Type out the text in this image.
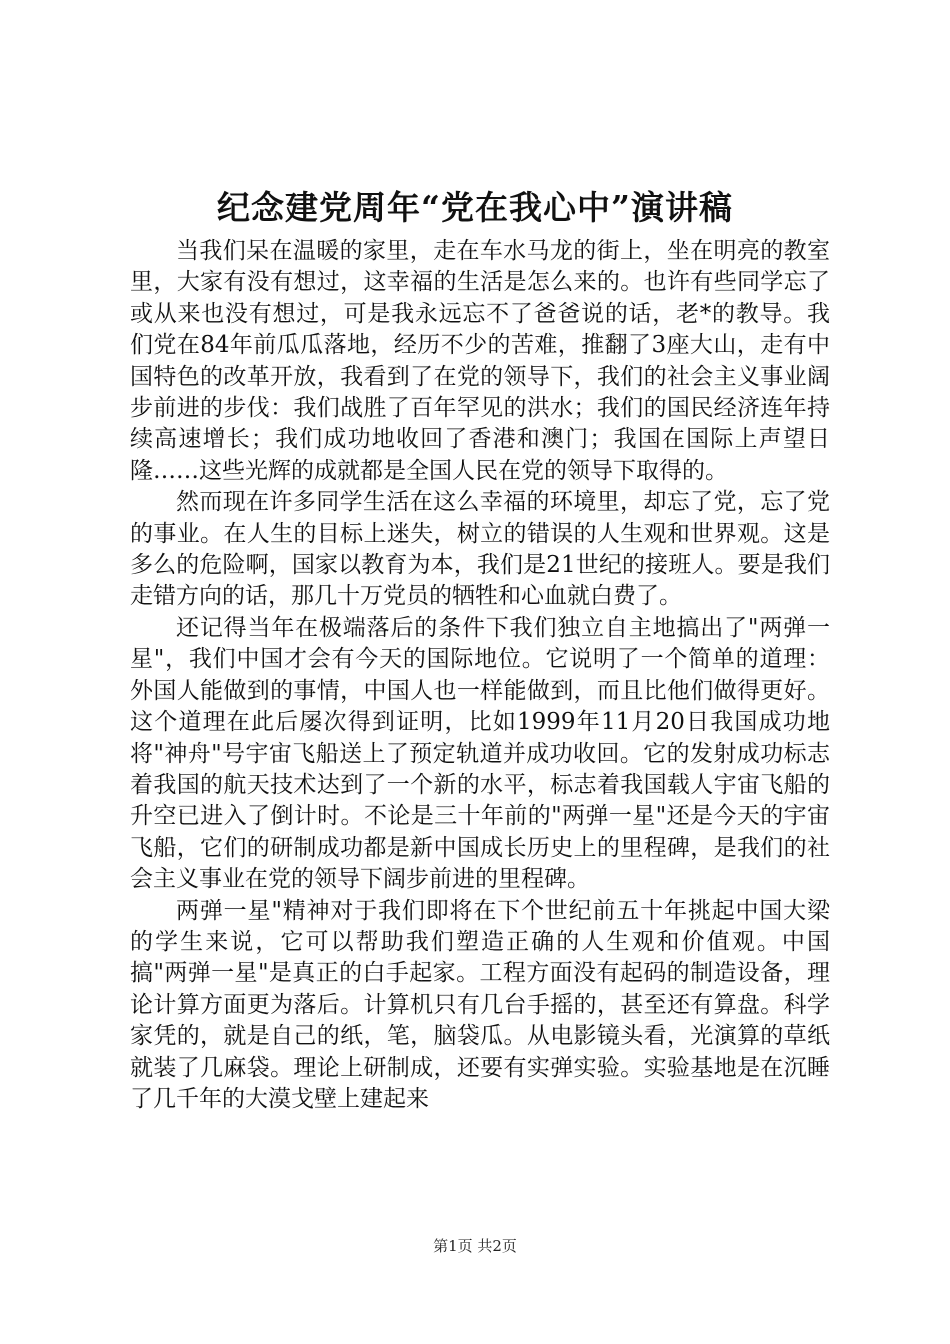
纪念建党周年“党在我心中”演讲稿

当我们呆在温暖的家里，走在车水马龙的街上，坐在明亮的教室里，大家有没有想过，这幸福的生活是怎么来的。也许有些同学忘了或从来也没有想过，可是我永远忘不了爸爸说的话，老*的教导。我们党在84年前瓜瓜落地，经历不少的苦难，推翻了3座大山，走有中国特色的改革开放，我看到了在党的领导下，我们的社会主义事业阔步前进的步伐：我们战胜了百年罕见的洪水；我们的国民经济连年持续高速增长；我们成功地收回了香港和澳门；我国在国际上声望日隆……这些光辉的成就都是全国人民在党的领导下取得的。

然而现在许多同学生活在这么幸福的环境里，却忘了党，忘了党的事业。在人生的目标上迷失，树立的错误的人生观和世界观。这是多么的危险啊，国家以教育为本，我们是21世纪的接班人。要是我们走错方向的话，那几十万党员的牺牲和心血就白费了。

还记得当年在极端落后的条件下我们独立自主地搞出了"两弹一星"，我们中国才会有今天的国际地位。它说明了一个简单的道理：外国人能做到的事情，中国人也一样能做到，而且比他们做得更好。这个道理在此后屡次得到证明，比如1999年11月20日我国成功地将"神舟"号宇宙飞船送上了预定轨道并成功收回。它的发射成功标志着我国的航天技术达到了一个新的水平，标志着我国载人宇宙飞船的升空已进入了倒计时。不论是三十年前的"两弹一星"还是今天的宇宙飞船，它们的研制成功都是新中国成长历史上的里程碑，是我们的社会主义事业在党的领导下阔步前进的里程碑。

两弹一星"精神对于我们即将在下个世纪前五十年挑起中国大梁的学生来说，它可以帮助我们塑造正确的人生观和价值观。中国搞"两弹一星"是真正的白手起家。工程方面没有起码的制造设备，理论计算方面更为落后。计算机只有几台手摇的，甚至还有算盘。科学家凭的，就是自己的纸，笔，脑袋瓜。从电影镜头看，光演算的草纸就装了几麻袋。理论上研制成，还要有实弹实验。实验基地是在沉睡了几千年的大漠戈壁上建起来

第1页 共2页
